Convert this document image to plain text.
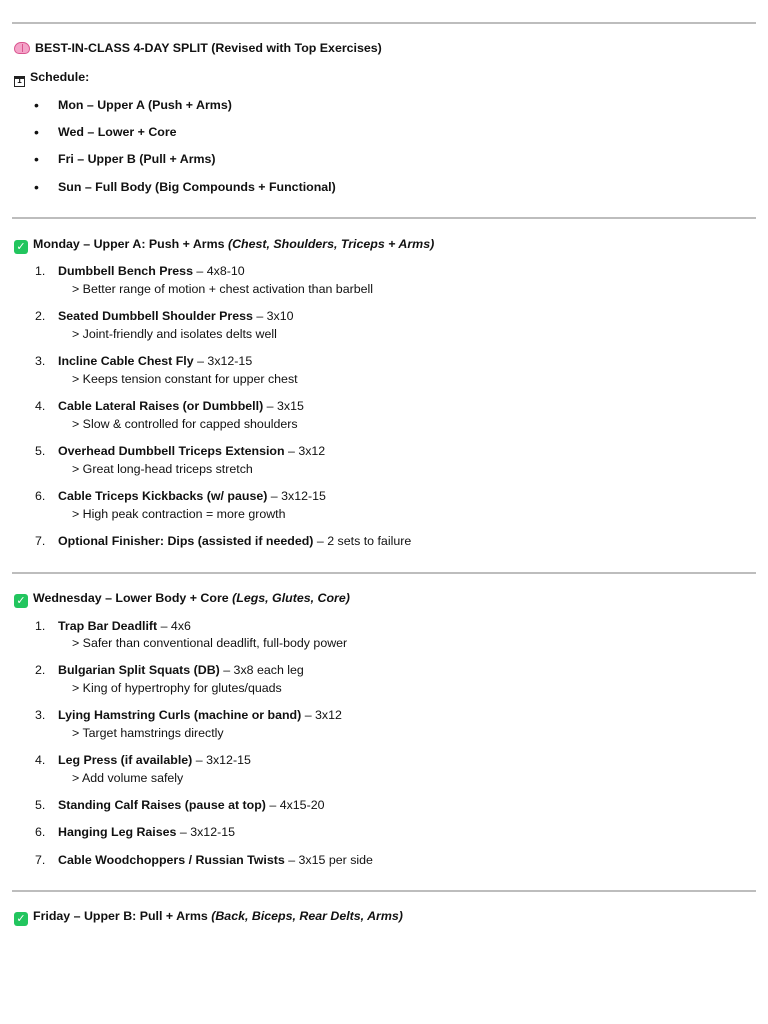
BEST-IN-CLASS 4-DAY SPLIT (Revised with Top Exercises)
1 Schedule:
• Mon – Upper A (Push + Arms)
• Wed – Lower + Core
• Fri – Upper B (Pull + Arms)
• Sun – Full Body (Big Compounds + Functional)
✓ Monday – Upper A: Push + Arms (Chest, Shoulders, Triceps + Arms)
1. Dumbbell Bench Press – 4x8-10
> Better range of motion + chest activation than barbell
2. Seated Dumbbell Shoulder Press – 3x10
> Joint-friendly and isolates delts well
3. Incline Cable Chest Fly – 3x12-15
> Keeps tension constant for upper chest
4. Cable Lateral Raises (or Dumbbell) – 3x15
> Slow & controlled for capped shoulders
5. Overhead Dumbbell Triceps Extension – 3x12
> Great long-head triceps stretch
6. Cable Triceps Kickbacks (w/ pause) – 3x12-15
> High peak contraction = more growth
7. Optional Finisher: Dips (assisted if needed) – 2 sets to failure
✓ Wednesday – Lower Body + Core (Legs, Glutes, Core)
1. Trap Bar Deadlift – 4x6
> Safer than conventional deadlift, full-body power
2. Bulgarian Split Squats (DB) – 3x8 each leg
> King of hypertrophy for glutes/quads
3. Lying Hamstring Curls (machine or band) – 3x12
> Target hamstrings directly
4. Leg Press (if available) – 3x12-15
> Add volume safely
5. Standing Calf Raises (pause at top) – 4x15-20
6. Hanging Leg Raises – 3x12-15
7. Cable Woodchoppers / Russian Twists – 3x15 per side
✓ Friday – Upper B: Pull + Arms (Back, Biceps, Rear Delts, Arms)
